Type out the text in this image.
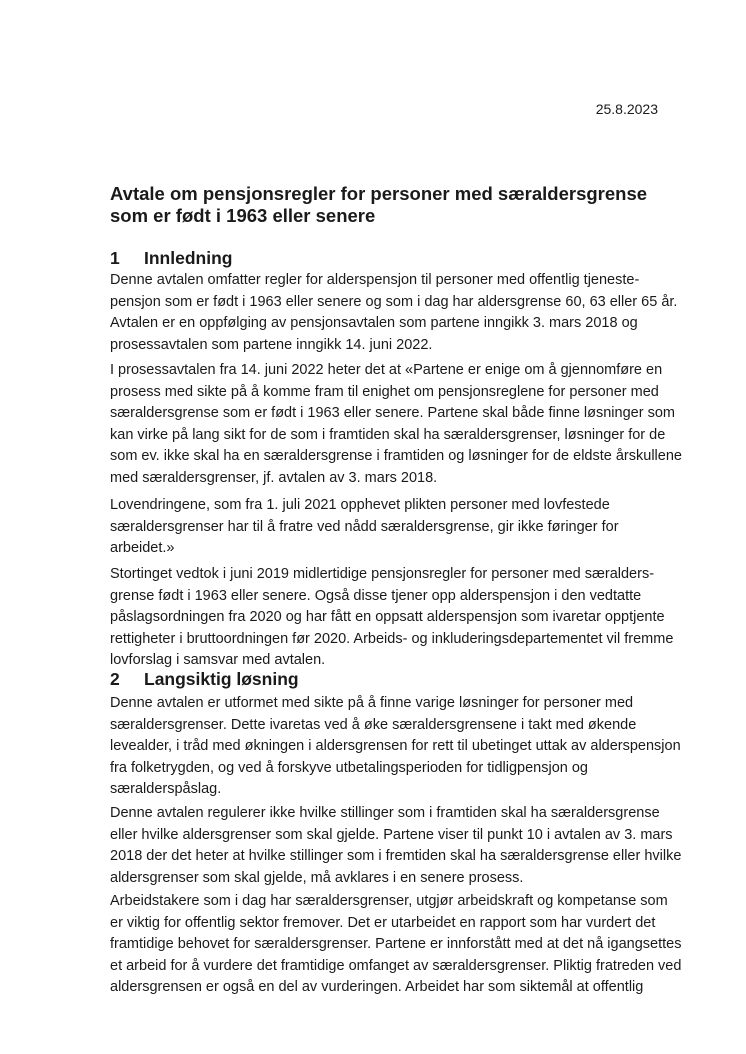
25.8.2023
Avtale om pensjonsregler for personer med særaldersgrense
som er født i 1963 eller senere
1 Innledning
Denne avtalen omfatter regler for alderspensjon til personer med offentlig tjeneste-
pensjon som er født i 1963 eller senere og som i dag har aldersgrense 60, 63 eller 65 år.
Avtalen er en oppfølging av pensjonsavtalen som partene inngikk 3. mars 2018 og
prosessavtalen som partene inngikk 14. juni 2022.
I prosessavtalen fra 14. juni 2022 heter det at «Partene er enige om å gjennomføre en
prosess med sikte på å komme fram til enighet om pensjonsreglene for personer med
særaldersgrense som er født i 1963 eller senere. Partene skal både finne løsninger som
kan virke på lang sikt for de som i framtiden skal ha særaldersgrenser, løsninger for de
som ev. ikke skal ha en særaldersgrense i framtiden og løsninger for de eldste årskullene
med særaldersgrenser, jf. avtalen av 3. mars 2018.
Lovendringene, som fra 1. juli 2021 opphevet plikten personer med lovfestede
særaldersgrenser har til å fratre ved nådd særaldersgrense, gir ikke føringer for
arbeidet.»
Stortinget vedtok i juni 2019 midlertidige pensjonsregler for personer med særalders-
grense født i 1963 eller senere. Også disse tjener opp alderspensjon i den vedtatte
påslagsordningen fra 2020 og har fått en oppsatt alderspensjon som ivaretar opptjente
rettigheter i bruttoordningen før 2020. Arbeids- og inkluderingsdepartementet vil fremme
lovforslag i samsvar med avtalen.
2 Langsiktig løsning
Denne avtalen er utformet med sikte på å finne varige løsninger for personer med
særaldersgrenser. Dette ivaretas ved å øke særaldersgrensene i takt med økende
levealder, i tråd med økningen i aldersgrensen for rett til ubetinget uttak av alderspensjon
fra folketrygden, og ved å forskyve utbetalingsperioden for tidligpensjon og
særalderspåslag.
Denne avtalen regulerer ikke hvilke stillinger som i framtiden skal ha særaldersgrense
eller hvilke aldersgrenser som skal gjelde. Partene viser til punkt 10 i avtalen av 3. mars
2018 der det heter at hvilke stillinger som i fremtiden skal ha særaldersgrense eller hvilke
aldersgrenser som skal gjelde, må avklares i en senere prosess.
Arbeidstakere som i dag har særaldersgrenser, utgjør arbeidskraft og kompetanse som
er viktig for offentlig sektor fremover. Det er utarbeidet en rapport som har vurdert det
framtidige behovet for særaldersgrenser. Partene er innforstått med at det nå igangsettes
et arbeid for å vurdere det framtidige omfanget av særaldersgrenser. Pliktig fratreden ved
aldersgrensen er også en del av vurderingen. Arbeidet har som siktemål at offentlig
